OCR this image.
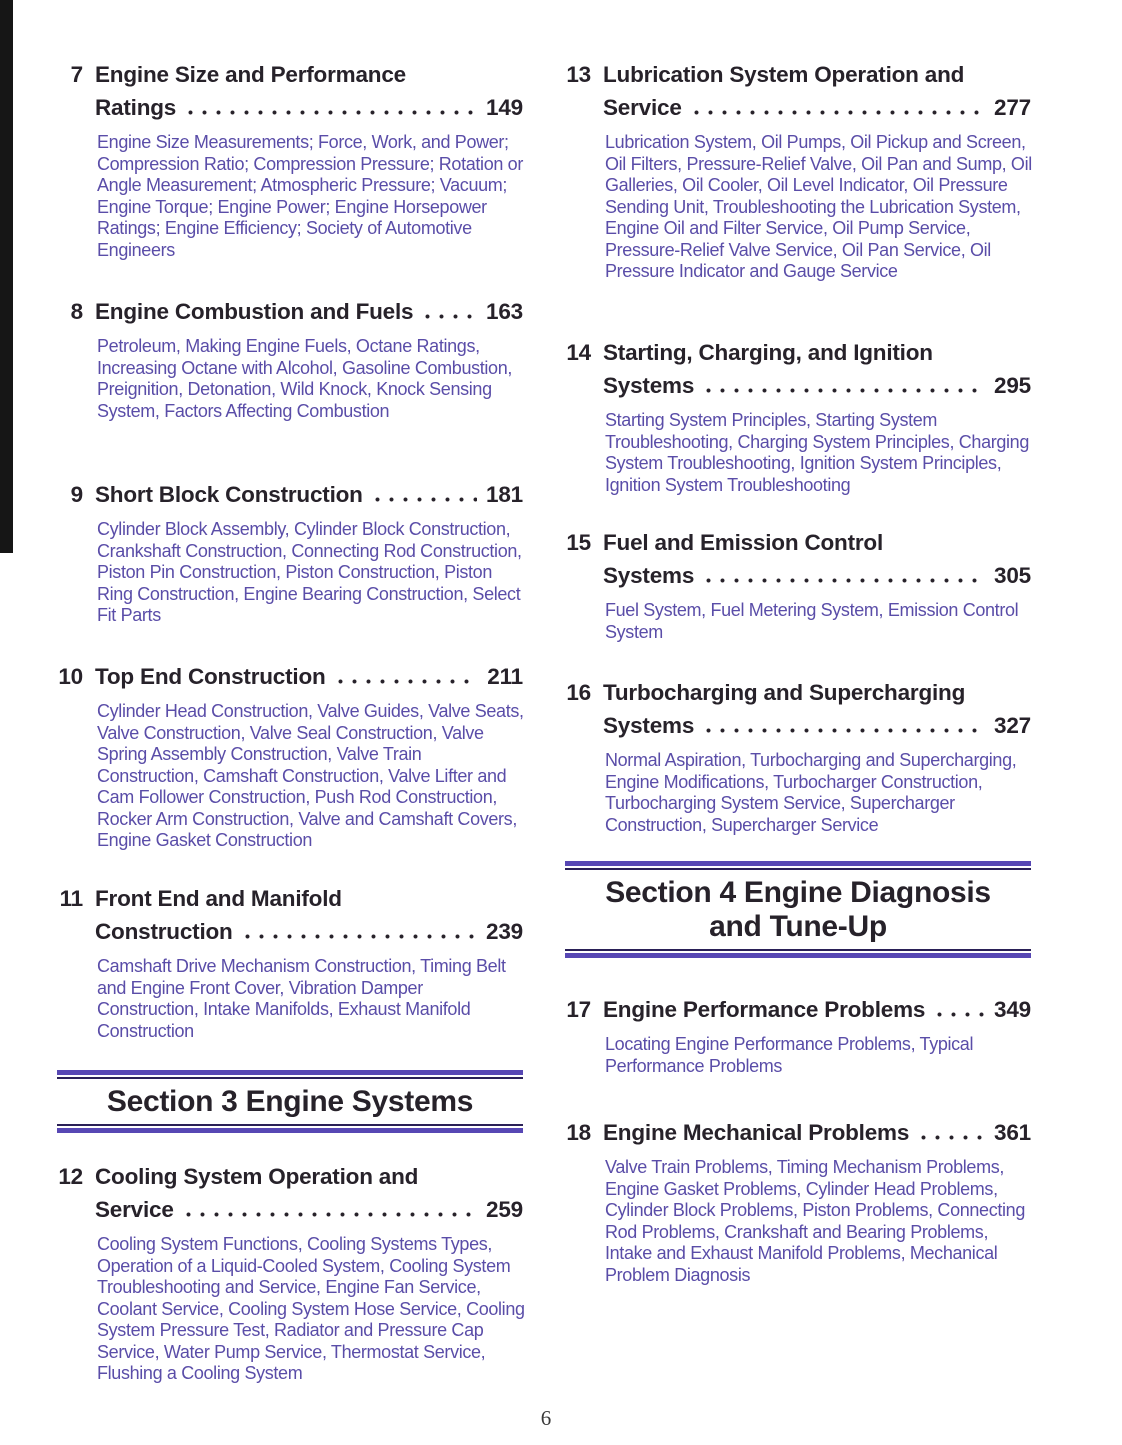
7 Engine Size and Performance
Ratings	149
Engine Size Measurements; Force, Work, and Power; Compression Ratio; Compression Pressure; Rotation or Angle Measurement; Atmospheric Pressure; Vacuum; Engine Torque; Engine Power; Engine Horsepower Ratings; Engine Efficiency; Society of Automotive Engineers
8 Engine Combustion and Fuels	163
Petroleum, Making Engine Fuels, Octane Ratings, Increasing Octane with Alcohol, Gasoline Combustion, Preignition, Detonation, Wild Knock, Knock Sensing System, Factors Affecting Combustion
9 Short Block Construction	181
Cylinder Block Assembly, Cylinder Block Construction, Crankshaft Construction, Connecting Rod Construction, Piston Pin Construction, Piston Construction, Piston Ring Construction, Engine Bearing Construction, Select Fit Parts
10 Top End Construction	211
Cylinder Head Construction, Valve Guides, Valve Seats, Valve Construction, Valve Seal Construction, Valve Spring Assembly Construction, Valve Train Construction, Camshaft Construction, Valve Lifter and Cam Follower Construction, Push Rod Construction, Rocker Arm Construction, Valve and Camshaft Covers, Engine Gasket Construction
11 Front End and Manifold
Construction	239
Camshaft Drive Mechanism Construction, Timing Belt and Engine Front Cover, Vibration Damper Construction, Intake Manifolds, Exhaust Manifold Construction
Section 3 Engine Systems
12 Cooling System Operation and
Service	259
Cooling System Functions, Cooling Systems Types, Operation of a Liquid-Cooled System, Cooling System Troubleshooting and Service, Engine Fan Service, Coolant Service, Cooling System Hose Service, Cooling System Pressure Test, Radiator and Pressure Cap Service, Water Pump Service, Thermostat Service, Flushing a Cooling System
13 Lubrication System Operation and
Service	277
Lubrication System, Oil Pumps, Oil Pickup and Screen, Oil Filters, Pressure-Relief Valve, Oil Pan and Sump, Oil Galleries, Oil Cooler, Oil Level Indicator, Oil Pressure Sending Unit, Troubleshooting the Lubrication System, Engine Oil and Filter Service, Oil Pump Service, Pressure-Relief Valve Service, Oil Pan Service, Oil Pressure Indicator and Gauge Service
14 Starting, Charging, and Ignition
Systems	295
Starting System Principles, Starting System Troubleshooting, Charging System Principles, Charging System Troubleshooting, Ignition System Principles, Ignition System Troubleshooting
15 Fuel and Emission Control
Systems	305
Fuel System, Fuel Metering System, Emission Control System
16 Turbocharging and Supercharging
Systems	327
Normal Aspiration, Turbocharging and Supercharging, Engine Modifications, Turbocharger Construction, Turbocharging System Service, Supercharger Construction, Supercharger Service
Section 4 Engine Diagnosis
and Tune-Up
17 Engine Performance Problems	349
Locating Engine Performance Problems, Typical Performance Problems
18 Engine Mechanical Problems	361
Valve Train Problems, Timing Mechanism Problems, Engine Gasket Problems, Cylinder Head Problems, Cylinder Block Problems, Piston Problems, Connecting Rod Problems, Crankshaft and Bearing Problems, Intake and Exhaust Manifold Problems, Mechanical Problem Diagnosis
6
